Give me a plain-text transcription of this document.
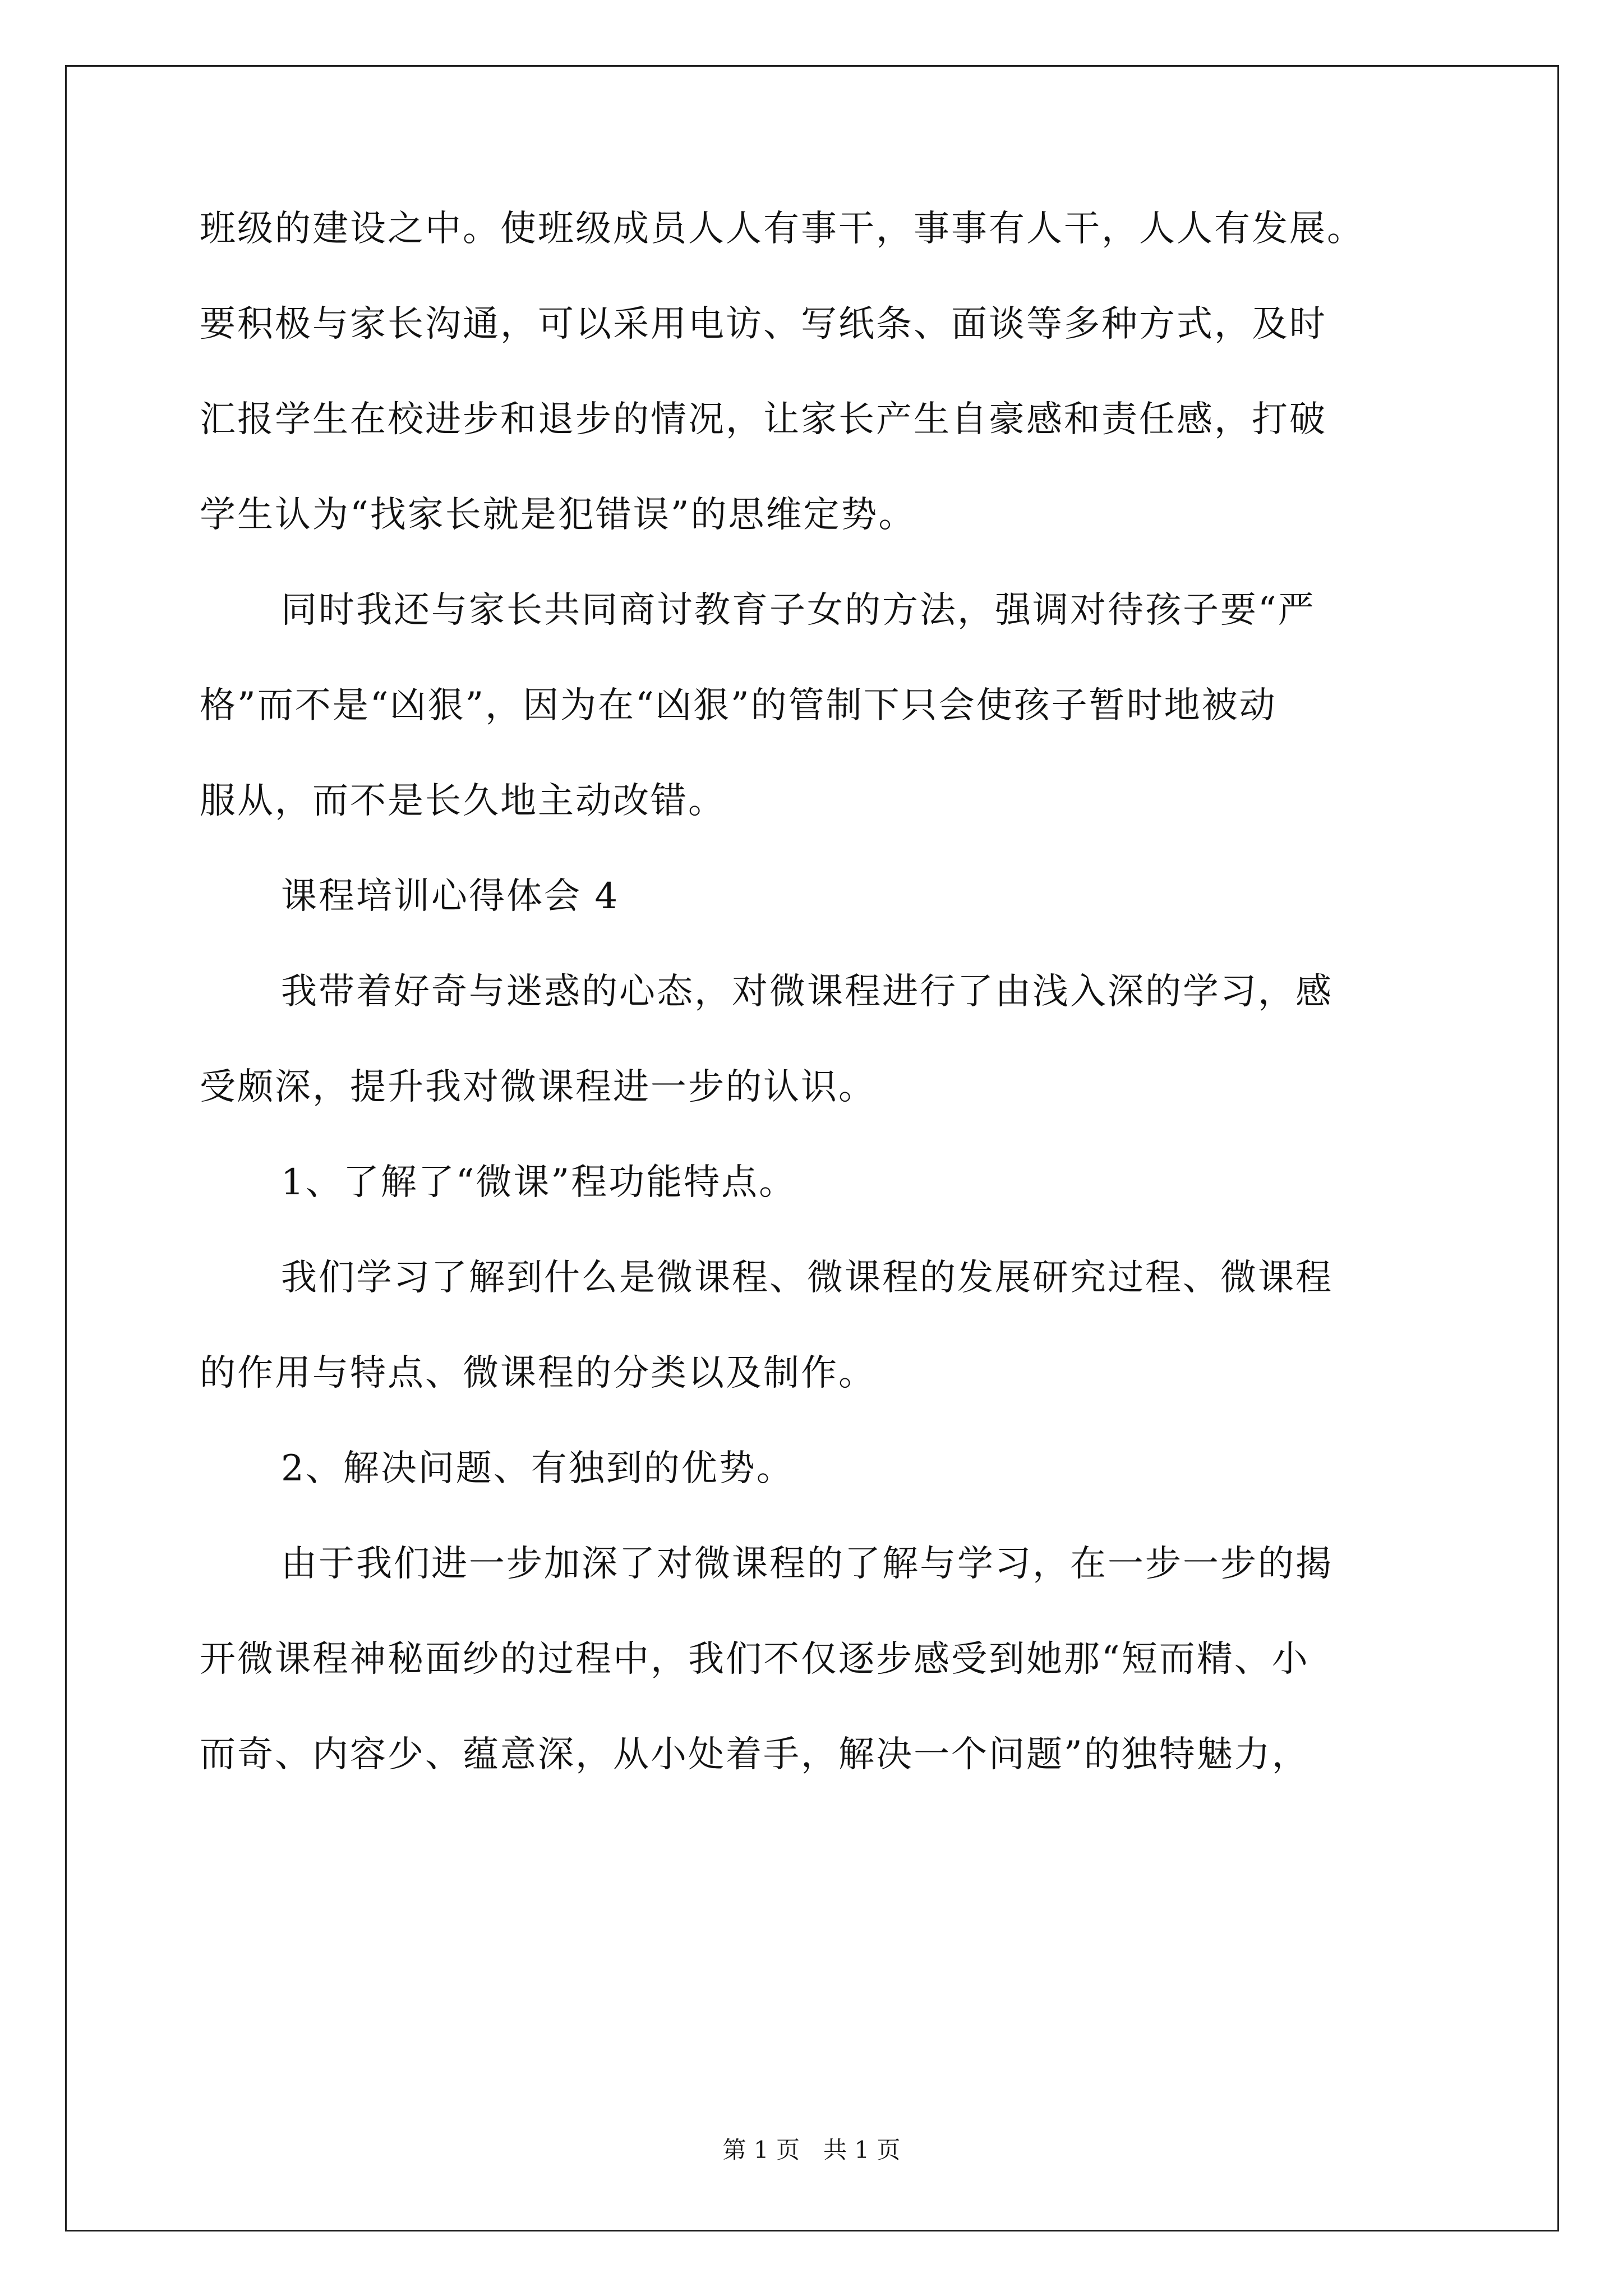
班级的建设之中。使班级成员人人有事干，事事有人干，人人有发展。
要积极与家长沟通，可以采用电访、写纸条、面谈等多种方式，及时
汇报学生在校进步和退步的情况，让家长产生自豪感和责任感，打破
学生认为“找家长就是犯错误”的思维定势。
同时我还与家长共同商讨教育子女的方法，强调对待孩子要“严
格”而不是“凶狠”，因为在“凶狠”的管制下只会使孩子暂时地被动
服从，而不是长久地主动改错。
课程培训心得体会 4
我带着好奇与迷惑的心态，对微课程进行了由浅入深的学习，感
受颇深，提升我对微课程进一步的认识。
1、了解了“微课”程功能特点。
我们学习了解到什么是微课程、微课程的发展研究过程、微课程
的作用与特点、微课程的分类以及制作。
2、解决问题、有独到的优势。
由于我们进一步加深了对微课程的了解与学习，在一步一步的揭
开微课程神秘面纱的过程中，我们不仅逐步感受到她那“短而精、小
而奇、内容少、蕴意深，从小处着手，解决一个问题”的独特魅力，
第 1 页　共 1 页
